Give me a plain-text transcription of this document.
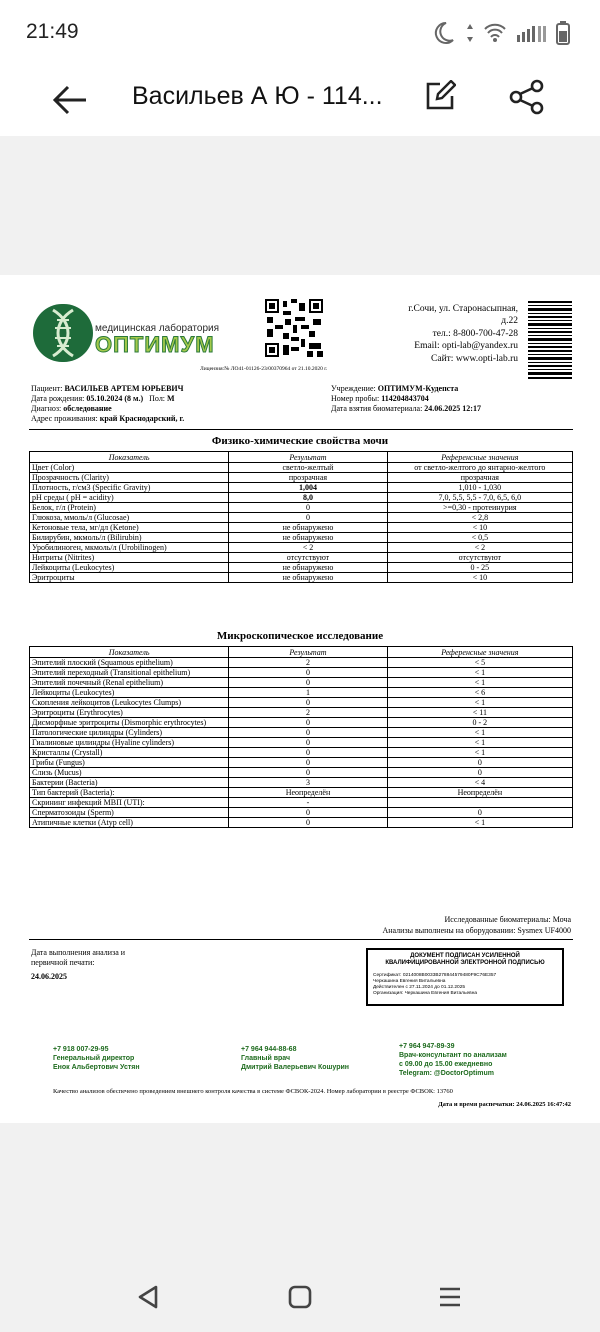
21:49
Васильев А Ю - 114...
медицинская лаборатория
ОПТИМУМ
Лицензия:№ ЛО41-01126-23/00370964 от 21.10.2020 г.
г.Сочи, ул. Старонасыпная,
д.22
тел.: 8-800-700-47-28
Email: opti-lab@yandex.ru
Сайт: www.opti-lab.ru
Пациент: ВАСИЛЬЕВ АРТЕМ ЮРЬЕВИЧ
Дата рождения: 05.10.2024 (8 м.) Пол: М
Диагноз: обследование
Адрес проживания: край Краснодарский, г.
Учреждение: ОПТИМУМ-Кудепста
Номер пробы: 114204843704
Дата взятия биоматериала: 24.06.2025 12:17
Физико-химические свойства мочи
Показатель	Результат	Референсные значения
Цвет (Color)	светло-желтый	от светло-желтого до янтарно-желтого
Прозрачность (Clarity)	прозрачная	прозрачная
Плотность, г/см3 (Specific Gravity)	1,004	1,010 - 1,030
pH среды ( pH = acidity)	8,0	7,0, 5,5, 5,5 - 7,0, 6,5, 6,0
Белок, г/л (Protein)	0	>=0,30 - протеинурия
Глюкоза, ммоль/л (Glucosae)	0	< 2,8
Кетоновые тела, мг/дл (Ketone)	не обнаружено	< 10
Билирубин, мкмоль/л (Bilirubin)	не обнаружено	< 0,5
Уробилиноген, мкмоль/л (Urobilinogen)	< 2	< 2
Нитриты (Nitrites)	отсутствуют	отсутствуют
Лейкоциты (Leukocytes)	не обнаружено	0 - 25
Эритроциты	не обнаружено	< 10
Микроскопическое исследование
Показатель	Результат	Референсные значения
Эпителий плоский (Squamous epithelium)	2	< 5
Эпителий переходный (Transitional epithelium)	0	< 1
Эпителий почечный (Renal epithelium)	0	< 1
Лейкоциты (Leukocytes)	1	< 6
Скопления лейкоцитов (Leukocytes Clumps)	0	< 1
Эритроциты (Erythrocytes)	2	< 11
Дисморфные эритроциты (Dismorphic erythrocytes)	0	0 - 2
Патологические цилиндры (Cylinders)	0	< 1
Гиалиновые цилиндры (Hyaline cylinders)	0	< 1
Кристаллы (Crystall)	0	< 1
Грибы (Fungus)	0	0
Слизь (Mucus)	0	0
Бактерии (Bacteria)	3	< 4
Тип бактерий (Bacteria):	Неопределён	Неопределён
Скрининг инфекций МВП (UTI):	-	
Сперматозоиды (Sperm)	0	0
Атипичные клетки (Atyp cell)	0	< 1
Исследованные биоматериалы: Моча
Анализы выполнены на оборудовании: Sysmex UF4000
Дата выполнения анализа и первичной печати:
24.06.2025
ДОКУМЕНТ ПОДПИСАН УСИЛЕННОЙ КВАЛИФИЦИРОВАННОЙ ЭЛЕКТРОННОЙ ПОДПИСЬЮ
Сертификат: 0214008B0033B278844579480F9C76E357
Черкашина Евгения Витальевна
Действителен с 27.11.2024 до 01.12.2025
Организация: Черкашина Евгения Витальевна
+7 918 007-29-95
Генеральный директор
Енок Альбертович Устян
+7 964 944-88-68
Главный врач
Дмитрий Валерьевич Кошурин
+7 964 947-89-39
Врач-консультант по анализам
с 09.00 до 15.00 ежедневно
Telegram: @DoctorOptimum
Качество анализов обеспечено проведением внешнего контроля качества в системе ФСВОК-2024. Номер лаборатории в реестре ФСВОК: 13760
Дата и время распечатки: 24.06.2025 16:47:42
